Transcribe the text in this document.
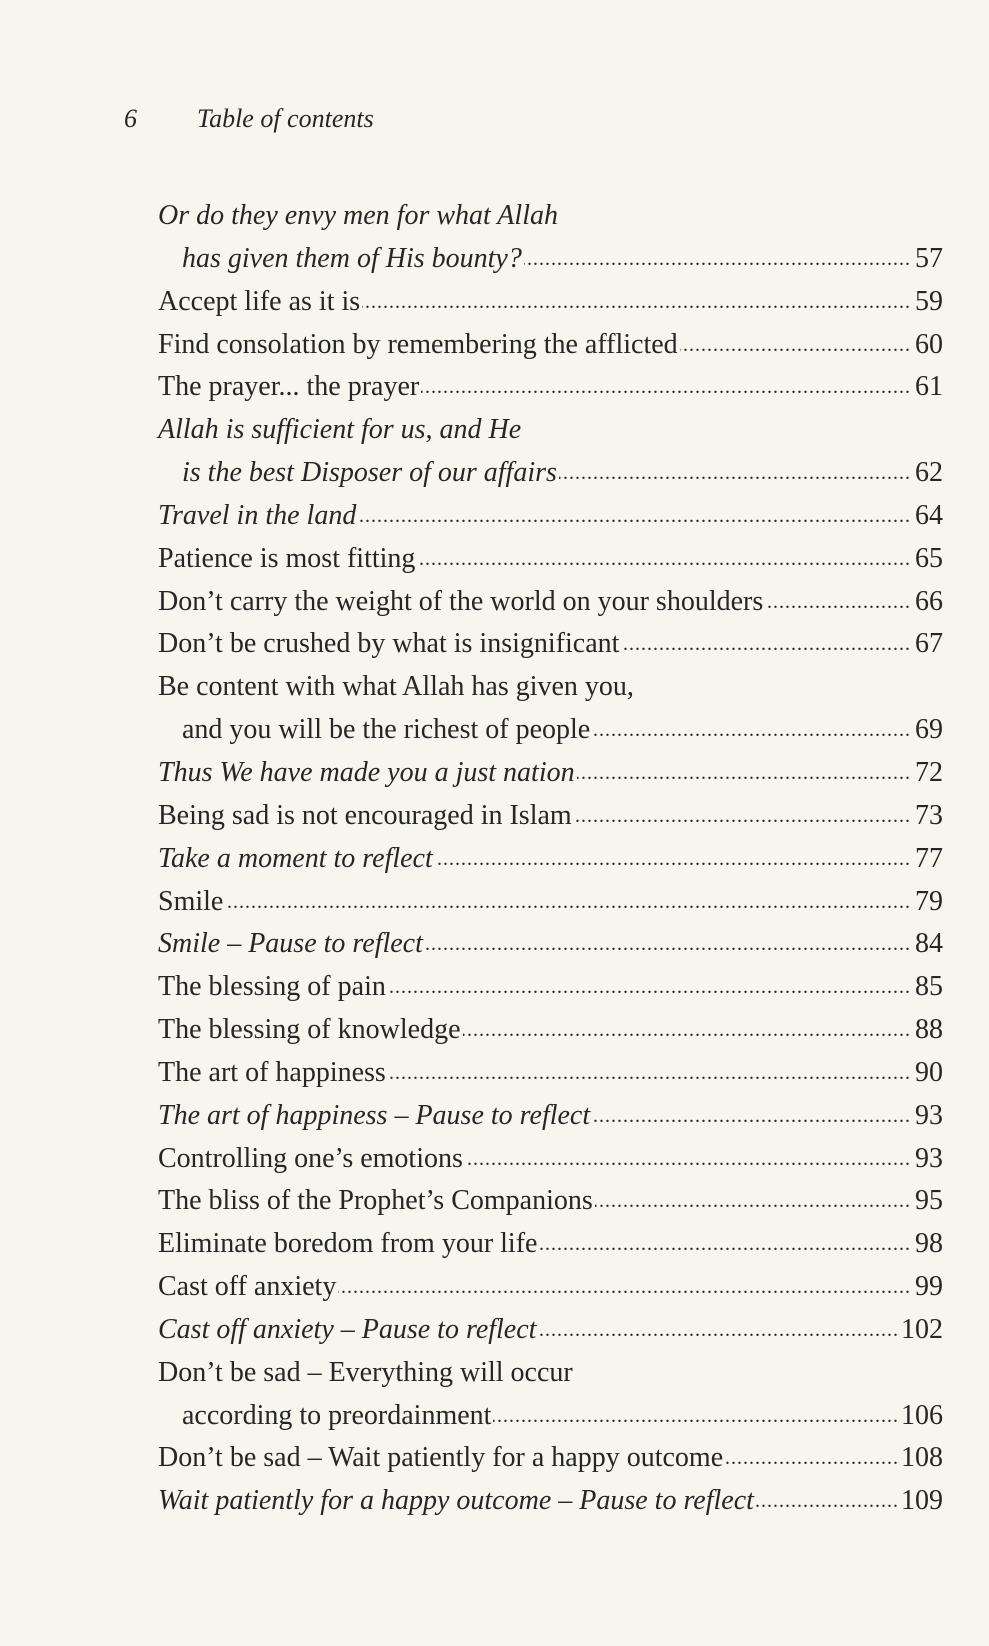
6 Table of contents
Or do they envy men for what Allah
has given them of His bounty? .....	57
Accept life as it is .....	59
Find consolation by remembering the afflicted .....	60
The prayer... the prayer .....	61
Allah is sufficient for us, and He
is the best Disposer of our affairs .....	62
Travel in the land .....	64
Patience is most fitting .....	65
Don’t carry the weight of the world on your shoulders .....	66
Don’t be crushed by what is insignificant .....	67
Be content with what Allah has given you,
and you will be the richest of people .....	69
Thus We have made you a just nation .....	72
Being sad is not encouraged in Islam .....	73
Take a moment to reflect .....	77
Smile .....	79
Smile – Pause to reflect .....	84
The blessing of pain .....	85
The blessing of knowledge .....	88
The art of happiness .....	90
The art of happiness – Pause to reflect .....	93
Controlling one’s emotions .....	93
The bliss of the Prophet’s Companions .....	95
Eliminate boredom from your life .....	98
Cast off anxiety .....	99
Cast off anxiety – Pause to reflect .....	102
Don’t be sad – Everything will occur
according to preordainment .....	106
Don’t be sad – Wait patiently for a happy outcome .....	108
Wait patiently for a happy outcome – Pause to reflect .....	109
